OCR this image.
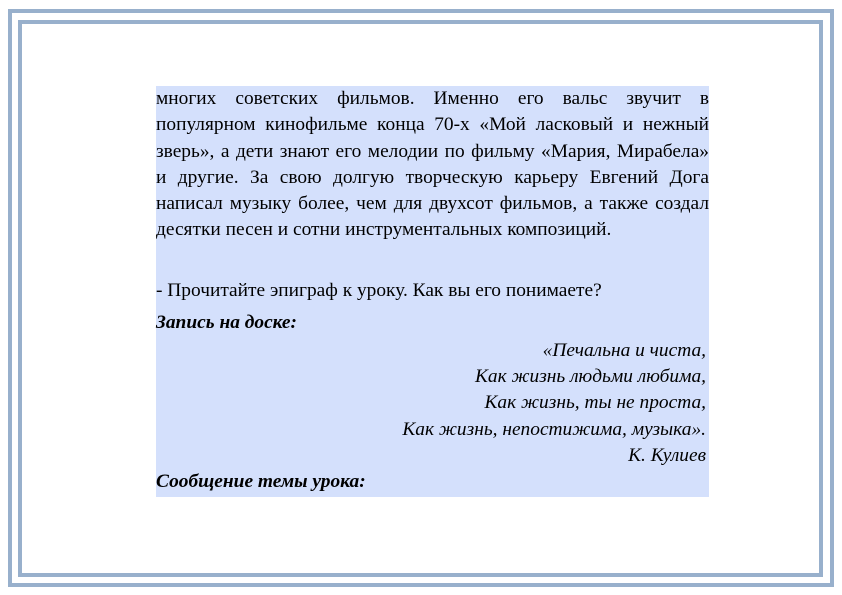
многих советских фильмов. Именно его вальс звучит в популярном кинофильме конца 70-х «Мой ласковый и нежный зверь», а дети знают его мелодии по фильму «Мария, Мирабела» и другие. За свою долгую творческую карьеру Евгений Дога написал музыку более, чем для двухсот фильмов, а также создал десятки песен и сотни инструментальных композиций.

- Прочитайте эпиграф к уроку. Как вы его понимаете?

Запись на доске:

«Печальна и чиста,
Как жизнь людьми любима,
Как жизнь, ты не проста,
Как жизнь, непостижима, музыка».
К. Кулиев

Сообщение темы урока:
